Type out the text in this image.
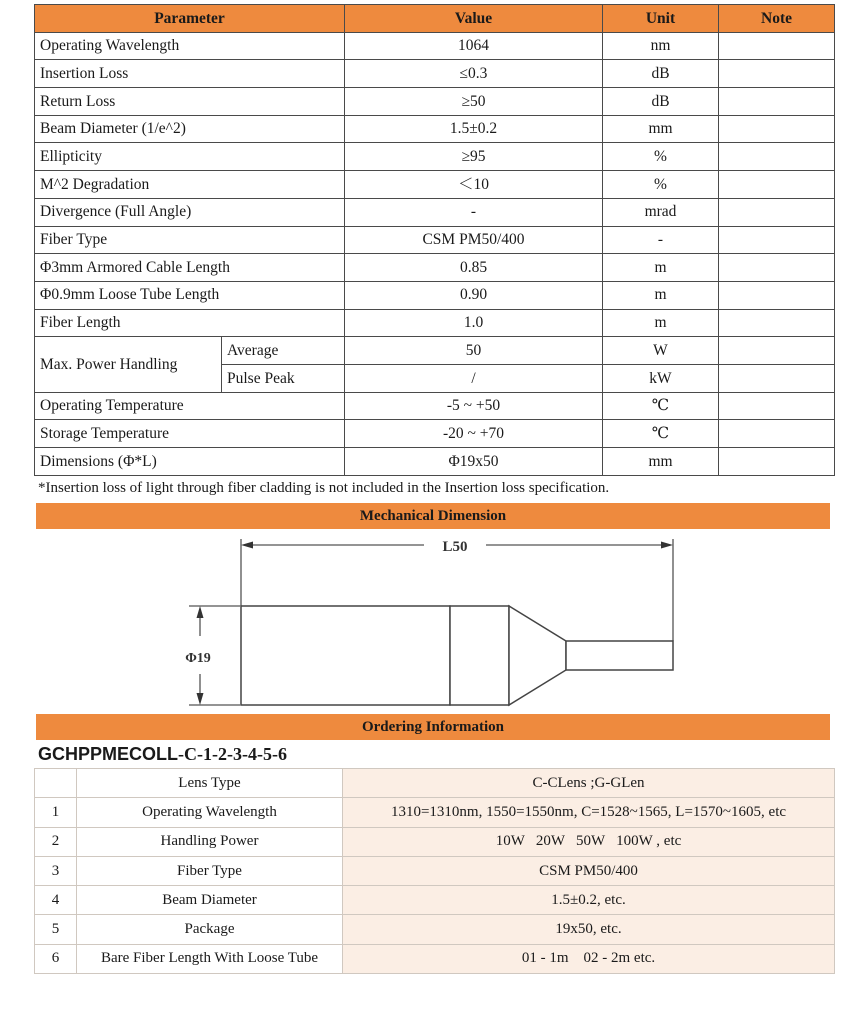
Parameter		Value	Unit	Note
Operating Wavelength		1064	nm	
Insertion Loss		≤0.3	dB	
Return Loss		≥50	dB	
Beam Diameter (1/e^2)		1.5±0.2	mm	
Ellipticity		≥95	%	
M^2 Degradation		＜10	%	
Divergence (Full Angle)		-	mrad	
Fiber Type		CSM PM50/400	-	
Φ3mm Armored Cable Length		0.85	m	
Φ0.9mm Loose Tube Length		0.90	m	
Fiber Length		1.0	m	
Max. Power Handling	Average	50	W	
	Pulse Peak	/	kW	
Operating Temperature		-5 ~ +50	℃	
Storage Temperature		-20 ~ +70	℃	
Dimensions (Φ*L)		Φ19x50	mm	
*Insertion loss of light through fiber cladding is not included in the Insertion loss specification.
Mechanical Dimension
L50
Φ19
Ordering Information
GCHPPMECOLL-C-1-2-3-4-5-6
	Lens Type	C-CLens ;G-GLen
1	Operating Wavelength	1310=1310nm, 1550=1550nm, C=1528~1565, L=1570~1605, etc
2	Handling Power	10W   20W   50W   100W , etc
3	Fiber Type	CSM PM50/400
4	Beam Diameter	1.5±0.2, etc.
5	Package	19x50, etc.
6	Bare Fiber Length With Loose Tube	01 - 1m    02 - 2m etc.
